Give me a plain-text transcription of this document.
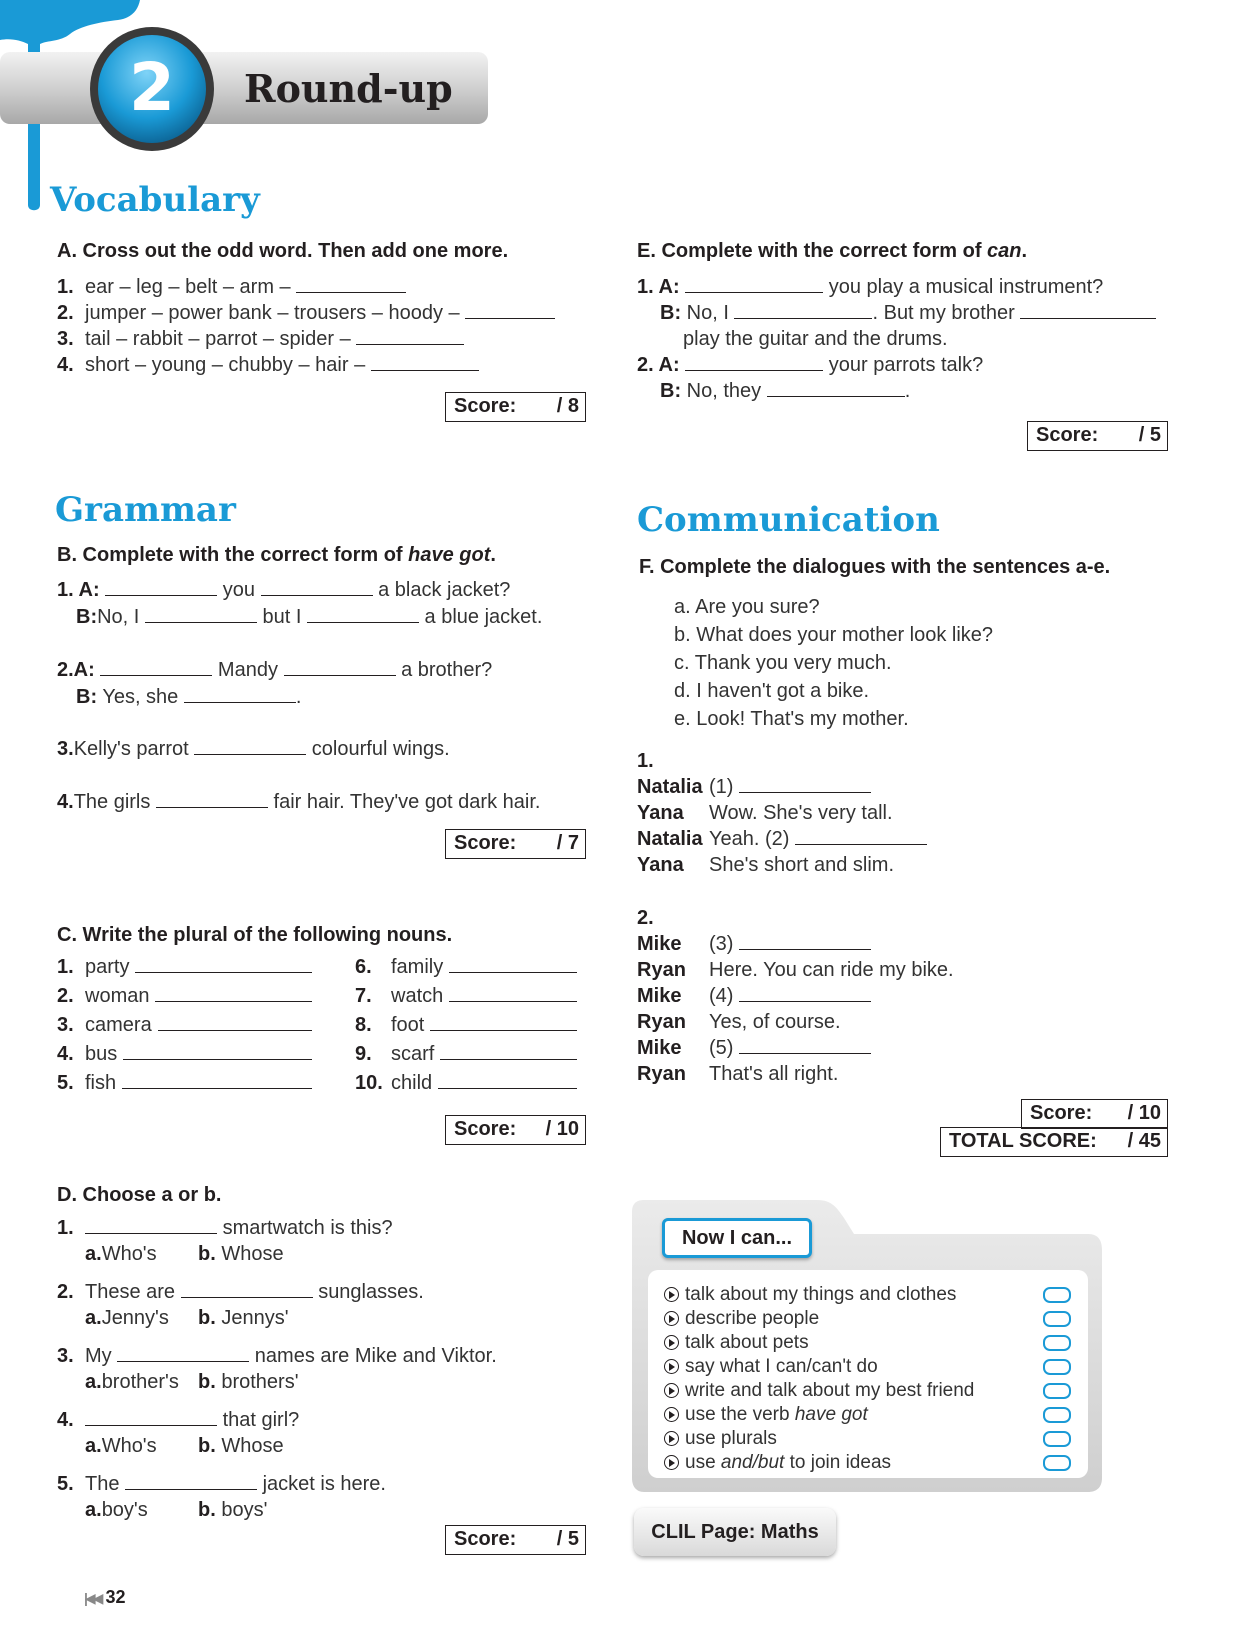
2 Round-up
Vocabulary
A. Cross out the odd word. Then add one more.
1. ear – leg – belt – arm –
2. jumper – power bank – trousers – hoody –
3. tail – rabbit – parrot – spider –
4. short – young – chubby – hair –
Score: / 8
E. Complete with the correct form of can.
1. A:	you play a musical instrument?
B: No, I	. But my brother
play the guitar and the drums.
2. A:	your parrots talk?
B: No, they	.
Score: / 5
Grammar
B. Complete with the correct form of have got.
1. A:	you	a black jacket?
B:No, I	but I	a blue jacket.
2.A:	Mandy	a brother?
B: Yes, she	.
3.Kelly's parrot	colourful wings.
4.The girls	fair hair. They've got dark hair.
Score: / 7
C. Write the plural of the following nouns.
1. party
2. woman
3. camera
4. bus
5. fish
6. family
7. watch
8. foot
9. scarf
10. child
Score: / 10
D. Choose a or b.
1.	smartwatch is this?
a.Who's b. Whose
2. These are	sunglasses.
a.Jenny's b. Jennys'
3. My	names are Mike and Viktor.
a.brother's b. brothers'
4.	that girl?
a.Who's b. Whose
5. The	jacket is here.
a.boy's	b. boys'
Score: / 5
Communication
F. Complete the dialogues with the sentences a-e.
a. Are you sure?
b. What does your mother look like?
c. Thank you very much.
d. I haven't got a bike.
e. Look! That's my mother.
1.
Natalia (1)
Yana Wow. She's very tall.
Natalia Yeah. (2)
Yana She's short and slim.
2.
Mike (3)
Ryan Here. You can ride my bike.
Mike (4)
Ryan Yes, of course.
Mike (5)
Ryan That's all right.
Score: / 10
TOTAL SCORE: / 45
Now I can...
talk about my things and clothes
describe people
talk about pets
say what I can/can't do
write and talk about my best friend
use the verb have got
use plurals
use and/but to join ideas
CLIL Page: Maths
|◀◀ 32
